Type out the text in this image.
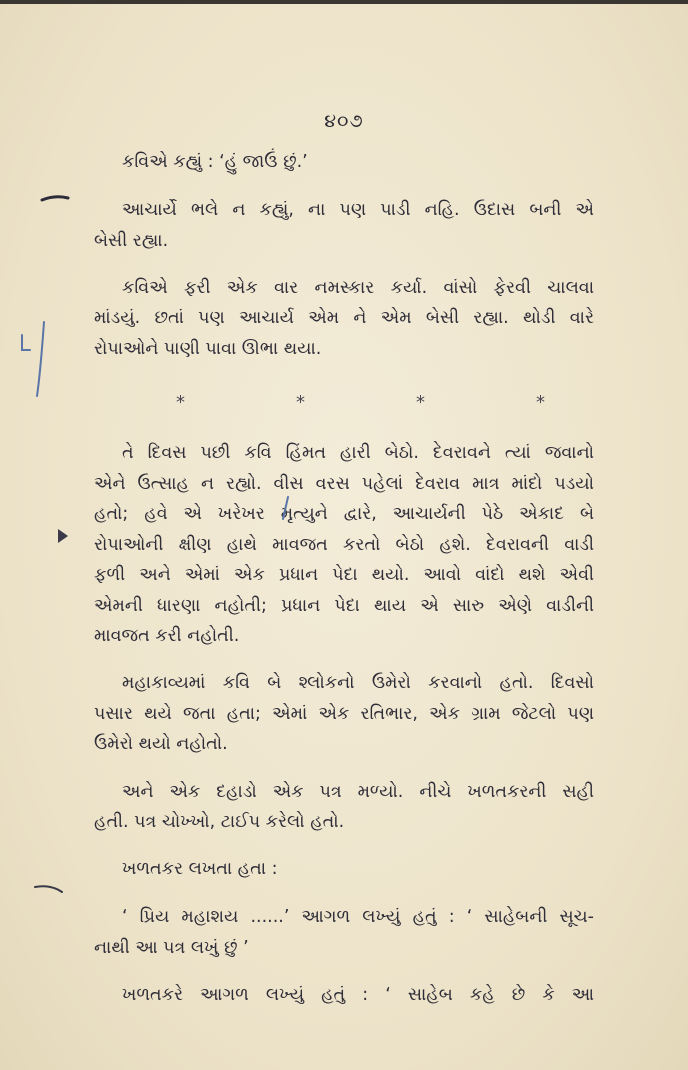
૪૦૭
કવિએ કહ્યું : ‘હું જાઉં છું.’
આચાર્યે ભલે ન કહ્યું, ના પણ પાડી નહિ. ઉદાસ બની એ
બેસી રહ્યા.
કવિએ ફરી એક વાર નમસ્કાર કર્યા. વાંસો ફેરવી ચાલવા
માંડયું. છતાં પણ આચાર્ય એમ ને એમ બેસી રહ્યા. થોડી વારે
રોપાઓને પાણી પાવા ઊભા થયા.
*	*	*	*
તે દિવસ પછી કવિ હિંમત હારી બેઠો. દેવરાવને ત્યાં જવાનો
એને ઉત્સાહ ન રહ્યો. વીસ વરસ પહેલાં દેવરાવ માત્ર માંદો પડયો
હતો; હવે એ ખરેખર મૃત્યુને દ્વારે, આચાર્યની પેઠે એકાદ બે
રોપાઓની ક્ષીણ હાથે માવજત કરતો બેઠો હશે. દેવરાવની વાડી
ફળી અને એમાં એક પ્રધાન પેદા થયો. આવો વાંદો થશે એવી
એમની ધારણા નહોતી; પ્રધાન પેદા થાય એ સારુ એણે વાડીની
માવજત કરી નહોતી.
મહાકાવ્યમાં કવિ બે શ્લોકનો ઉમેરો કરવાનો હતો. દિવસો
પસાર થયે જતા હતા; એમાં એક રતિભાર, એક ગ્રામ જેટલો પણ
ઉમેરો થયો નહોતો.
અને એક દહાડો એક પત્ર મળ્યો. નીચે ખળતકરની સહી
હતી. પત્ર ચોખ્ખો, ટાઈપ કરેલો હતો.
ખળતકર લખતા હતા :
‘ પ્રિય મહાશય ......’ આગળ લખ્યું હતું : ‘ સાહેબની સૂચ-
નાથી આ પત્ર લખું છું ’
ખળતકરે આગળ લખ્યું હતું : ‘ સાહેબ કહે છે કે આ
